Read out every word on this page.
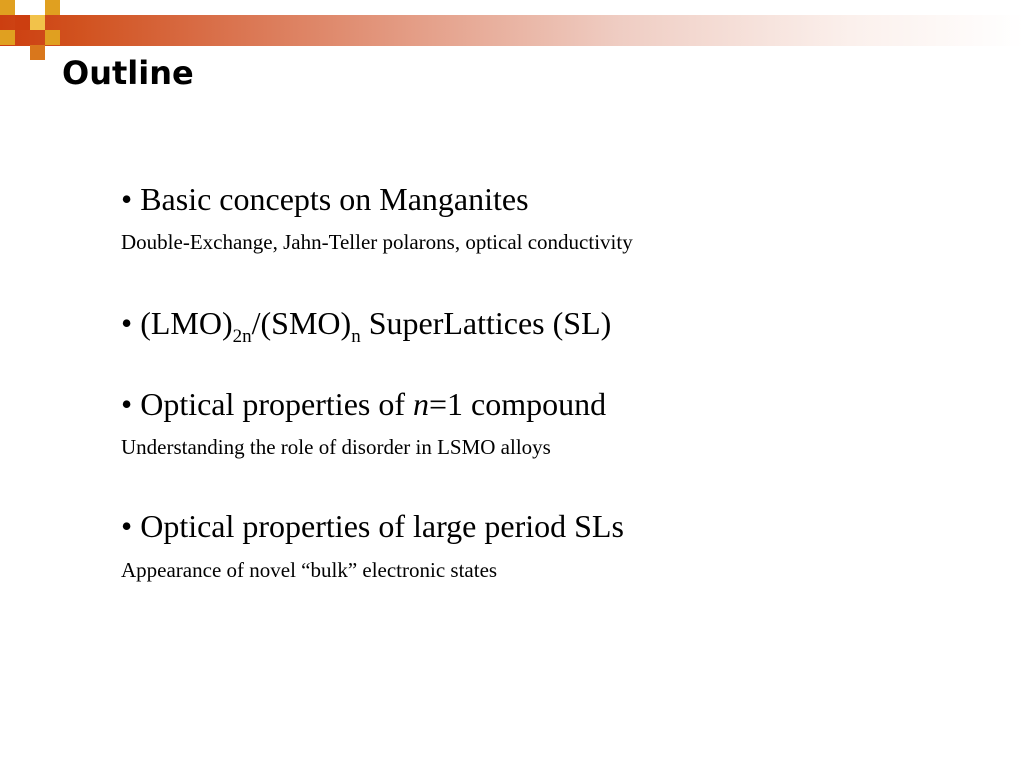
Outline

• Basic concepts on Manganites

Double-Exchange, Jahn-Teller polarons, optical conductivity

• $(LMO)_{2n}/(SMO)_n$ SuperLattices (SL)

• Optical properties of n=1 compound

Understanding the role of disorder in LSMO alloys

• Optical properties of large period SLs

Appearance of novel “bulk” electronic states
